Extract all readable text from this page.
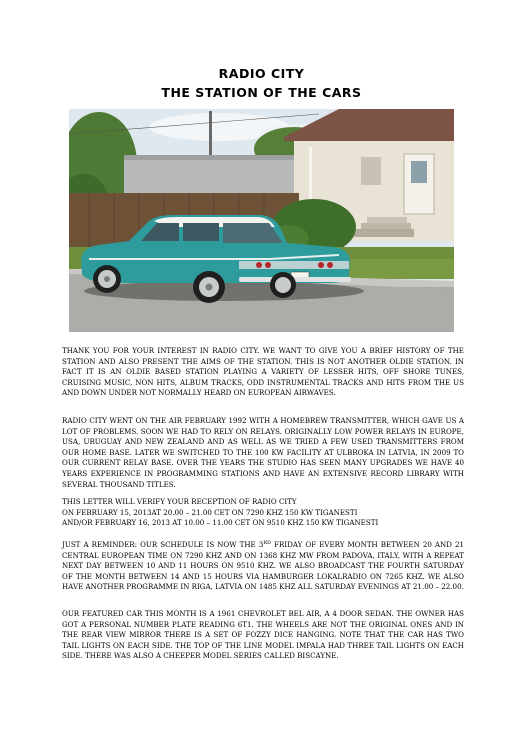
RADIO CITY
THE STATION OF THE CARS

THANK YOU FOR YOUR INTEREST IN RADIO CITY. WE WANT TO GIVE YOU A BRIEF HISTORY OF THE STATION AND ALSO PRESENT THE AIMS OF THE STATION. THIS IS NOT ANOTHER OLDIE STATION. IN FACT IT IS AN OLDIE BASED STATION PLAYING A VARIETY OF LESSER HITS, OFF SHORE TUNES, CRUISING MUSIC, NON HITS, ALBUM TRACKS, ODD INSTRUMENTAL TRACKS AND HITS FROM THE US AND DOWN UNDER NOT NORMALLY HEARD ON EUROPEAN AIRWAVES.

RADIO CITY WENT ON THE AIR FEBRUARY 1992 WITH A HOMEBREW TRANSMITTER, WHICH GAVE US A LOT OF PROBLEMS. SOON WE HAD TO RELY ON RELAYS. ORIGINALLY LOW POWER RELAYS IN EUROPE, USA, URUGUAY AND NEW ZEALAND AND AS WELL AS WE TRIED A FEW USED TRANSMITTERS FROM OUR HOME BASE. LATER WE SWITCHED TO THE 100 KW FACILITY AT ULBROKA IN LATVIA, IN 2009 TO OUR CURRENT RELAY BASE. OVER THE YEARS THE STUDIO HAS SEEN MANY UPGRADES WE HAVE 40 YEARS EXPERIENCE IN PROGRAMMING STATIONS AND HAVE AN EXTENSIVE RECORD LIBRARY WITH SEVERAL THOUSAND TITLES.

THIS LETTER WILL VERIFY YOUR RECEPTION OF RADIO CITY
ON FEBRUARY 15, 2013AT 20.00 – 21.00 CET ON 7290 KHZ 150 KW TIGANESTI
AND/OR FEBRUARY 16, 2013 AT 10.00 – 11.00 CET ON 9510 KHZ 150 KW TIGANESTI

JUST A REMINDER: OUR SCHEDULE IS NOW THE 3RD FRIDAY OF EVERY MONTH BETWEEN 20 AND 21 CENTRAL EUROPEAN TIME ON 7290 KHZ AND ON 1368 KHZ MW FROM PADOVA, ITALY, WITH A REPEAT NEXT DAY BETWEEN 10 AND 11 HOURS ON 9510 KHZ. WE ALSO BROADCAST THE FOURTH SATURDAY OF THE MONTH BETWEEN 14 AND 15 HOURS VIA HAMBURGER LOKALRADIO ON 7265 KHZ. WE ALSO HAVE ANOTHER PROGRAMME IN RIGA, LATVIA ON 1485 KHZ ALL SATURDAY EVENINGS AT 21.00 – 22.00.

OUR FEATURED CAR THIS MONTH IS A 1961 CHEVROLET BEL AIR, A 4 DOOR SEDAN. THE OWNER HAS GOT A PERSONAL NUMBER PLATE READING 6T1. THE WHEELS ARE NOT THE ORIGINAL ONES AND IN THE REAR VIEW MIRROR THERE IS A SET OF FOZZY DICE HANGING. NOTE THAT THE CAR HAS TWO TAIL LIGHTS ON EACH SIDE. THE TOP OF THE LINE MODEL IMPALA HAD THREE TAIL LIGHTS ON EACH SIDE. THERE WAS ALSO A CHEEPER MODEL SERIES CALLED BISCAYNE.
